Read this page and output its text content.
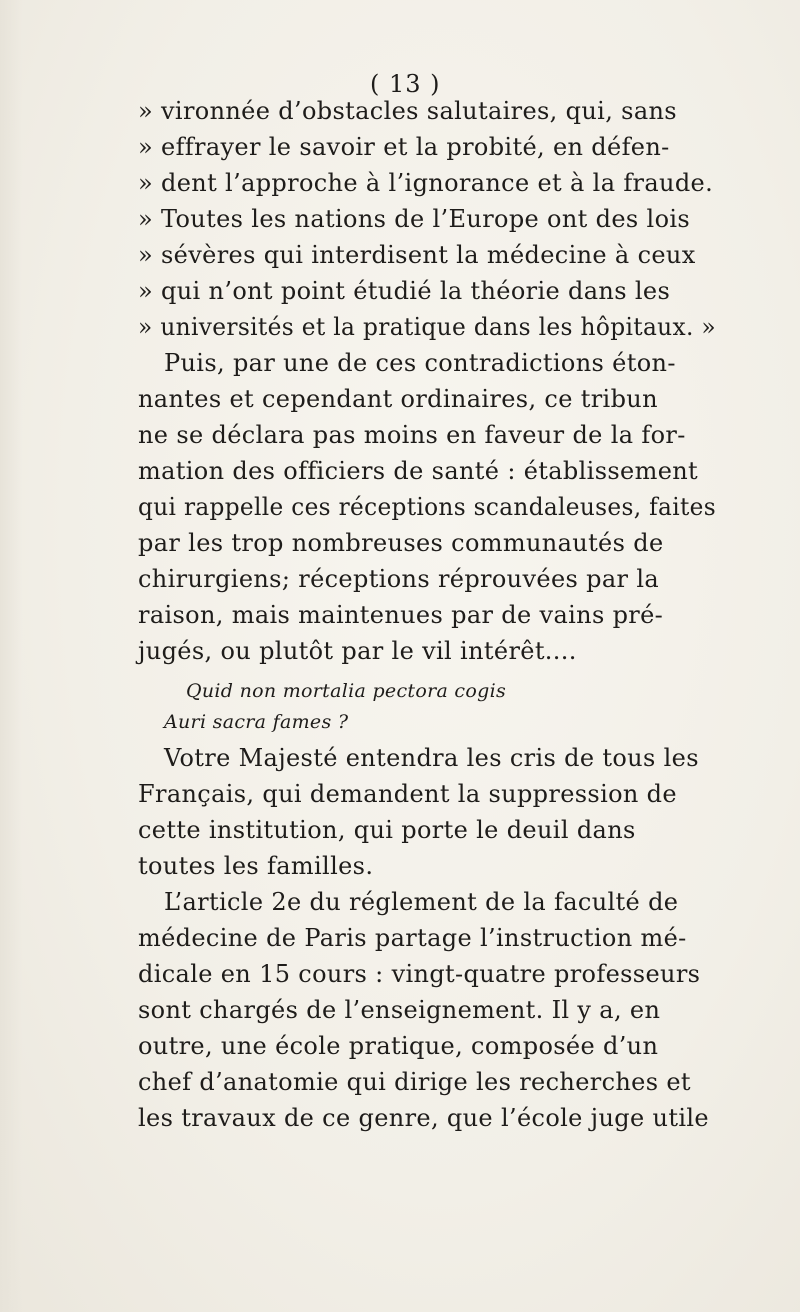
( 13 )
» vironnée d’obstacles salutaires, qui, sans
» effrayer le savoir et la probité, en défen-
» dent l’approche à l’ignorance et à la fraude.
» Toutes les nations de l’Europe ont des lois
» sévères qui interdisent la médecine à ceux
» qui n’ont point étudié la théorie dans les
» universités et la pratique dans les hôpitaux. »
Puis, par une de ces contradictions éton-
nantes et cependant ordinaires, ce tribun
ne se déclara pas moins en faveur de la for-
mation des officiers de santé : établissement
qui rappelle ces réceptions scandaleuses, faites
par les trop nombreuses communautés de
chirurgiens; réceptions réprouvées par la
raison, mais maintenues par de vains pré-
jugés, ou plutôt par le vil intérêt....
Quid non mortalia pectora cogis
Auri sacra fames ?
Votre Majesté entendra les cris de tous les
Français, qui demandent la suppression de
cette institution, qui porte le deuil dans
toutes les familles.
L’article 2e du réglement de la faculté de
médecine de Paris partage l’instruction mé-
dicale en 15 cours : vingt-quatre professeurs
sont chargés de l’enseignement. Il y a, en
outre, une école pratique, composée d’un
chef d’anatomie qui dirige les recherches et
les travaux de ce genre, que l’école juge utile
